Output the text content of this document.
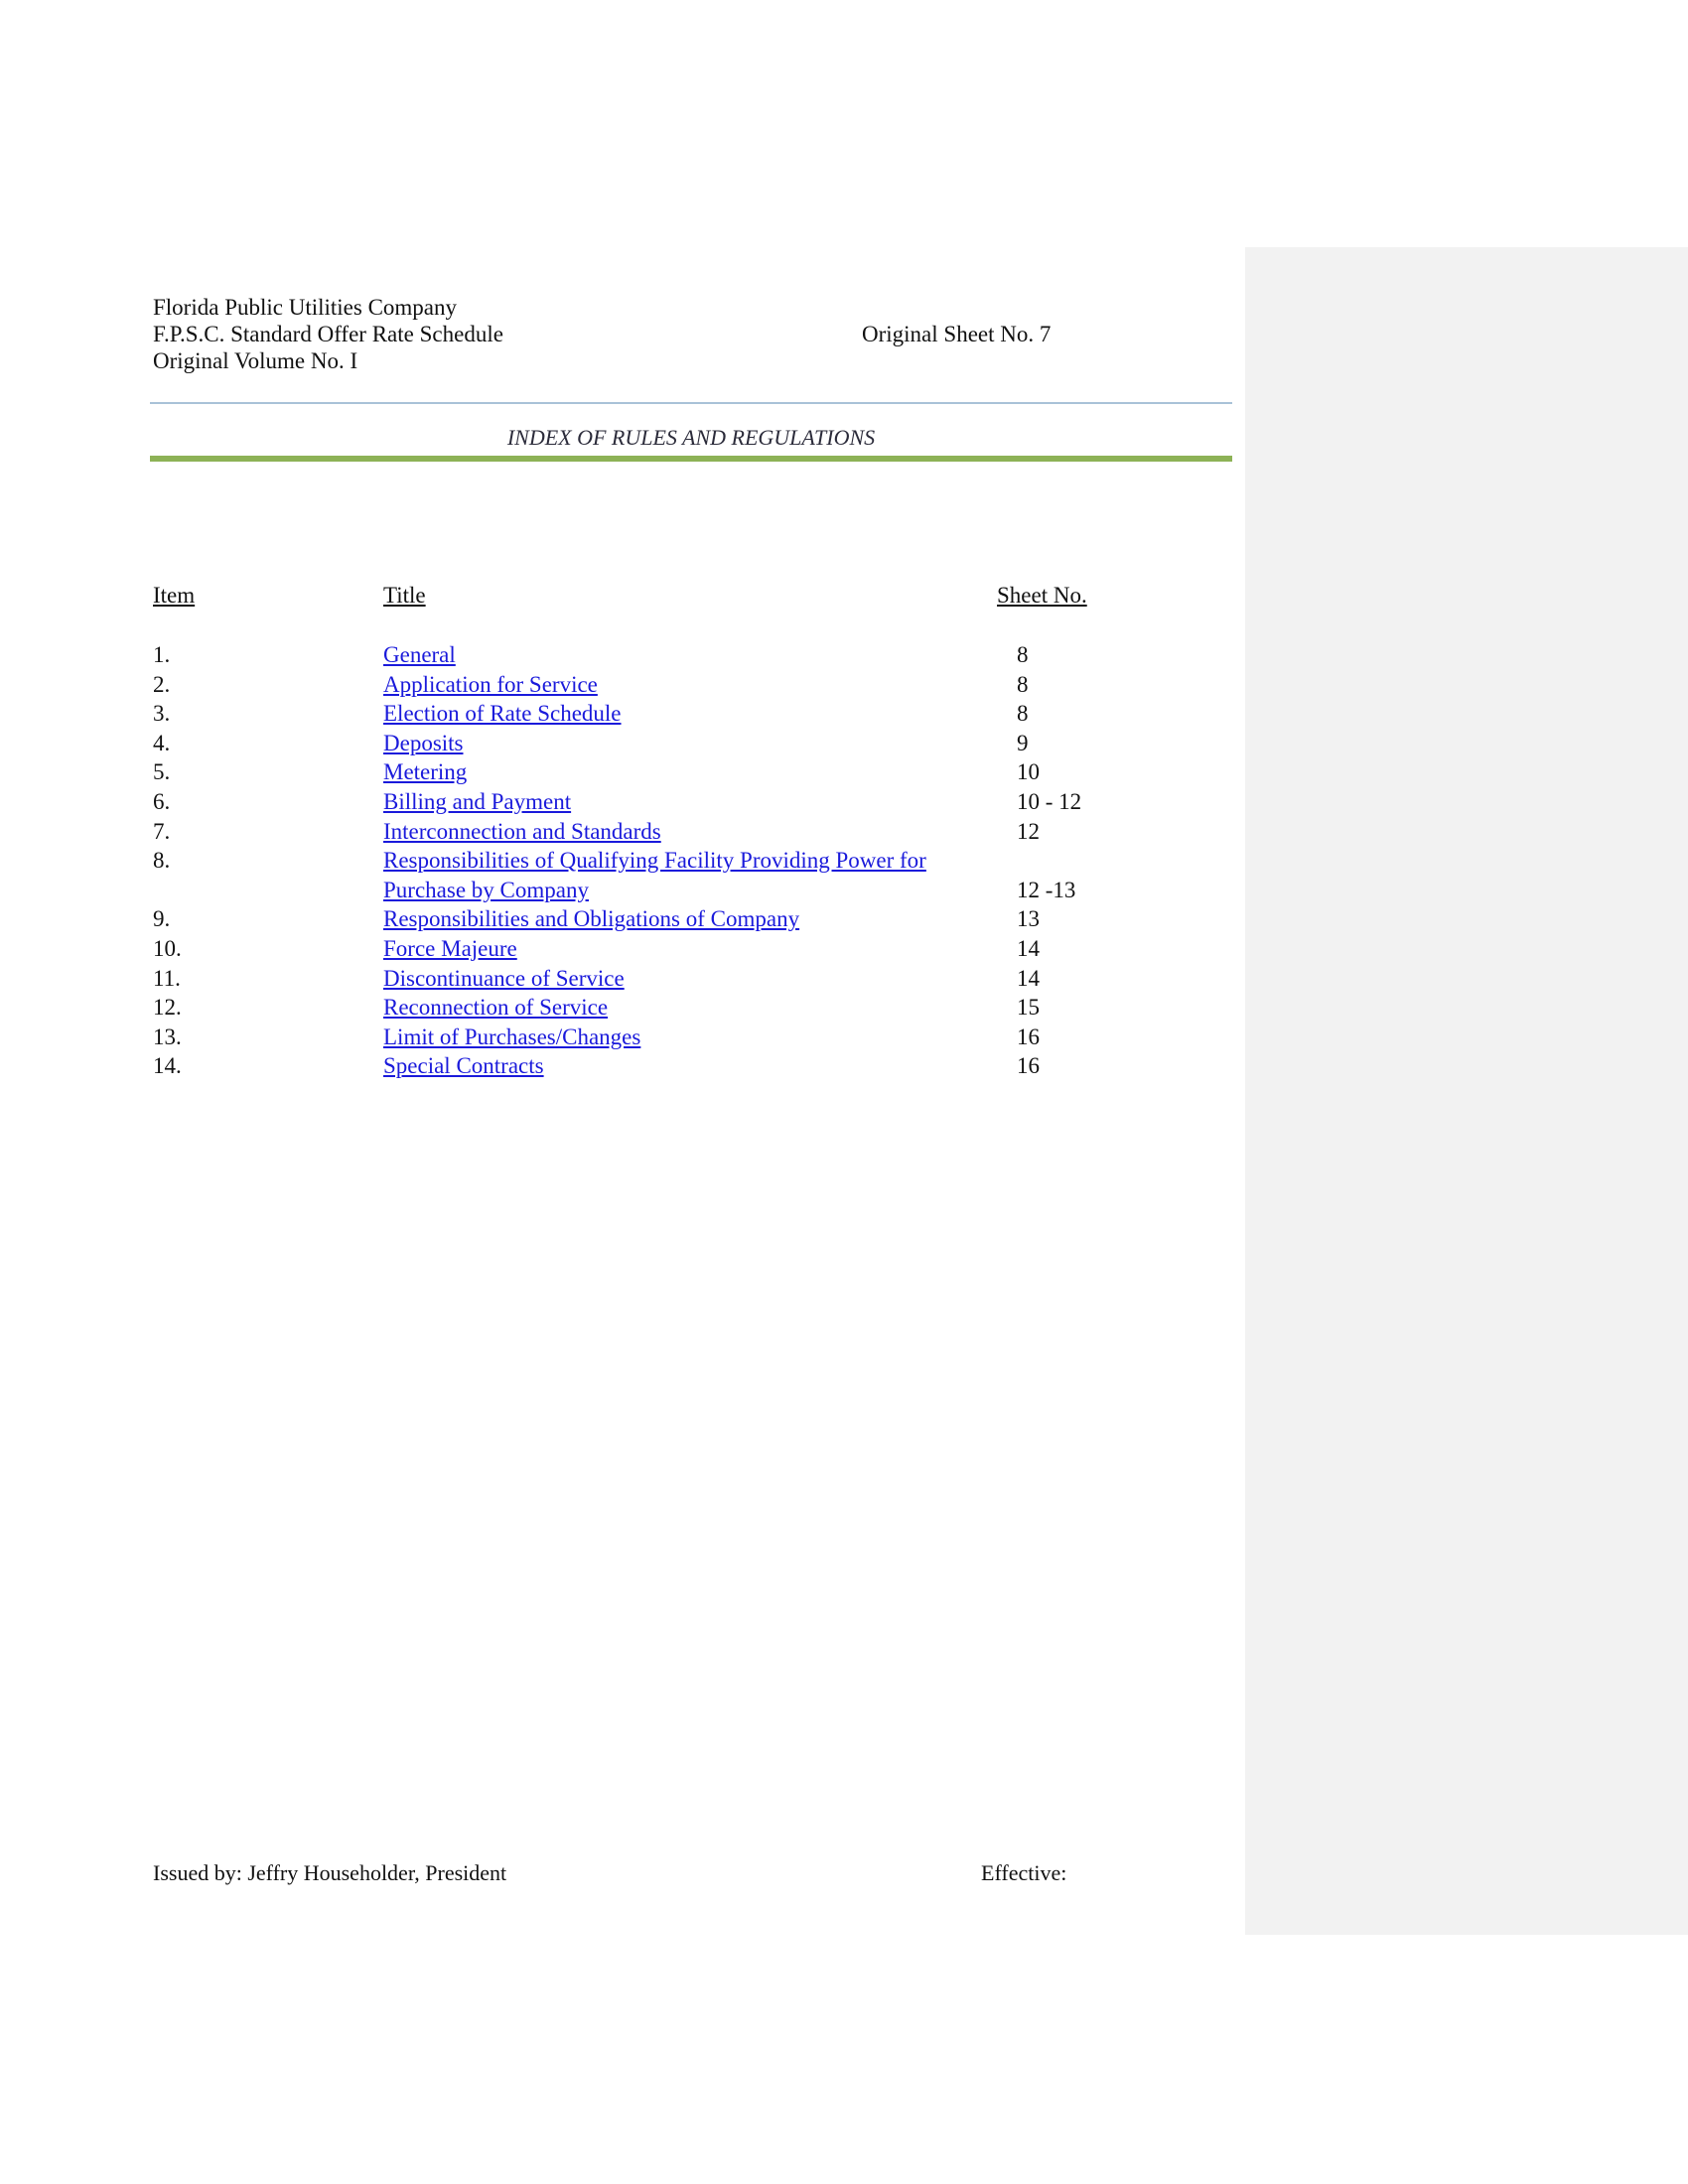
Florida Public Utilities Company
F.P.S.C. Standard Offer Rate Schedule
Original Volume No. I
Original Sheet No. 7
INDEX OF RULES AND REGULATIONS
Item	Title	Sheet No.
1.	General	8
2.	Application for Service	8
3.	Election of Rate Schedule	8
4.	Deposits	9
5.	Metering	10
6.	Billing and Payment	10 - 12
7.	Interconnection and Standards	12
8.	Responsibilities of Qualifying Facility Providing Power for Purchase by Company	12 -13
9.	Responsibilities and Obligations of Company	13
10.	Force Majeure	14
11.	Discontinuance of Service	14
12.	Reconnection of Service	15
13.	Limit of Purchases/Changes	16
14.	Special Contracts	16
Issued by: Jeffry Householder, President	Effective:
